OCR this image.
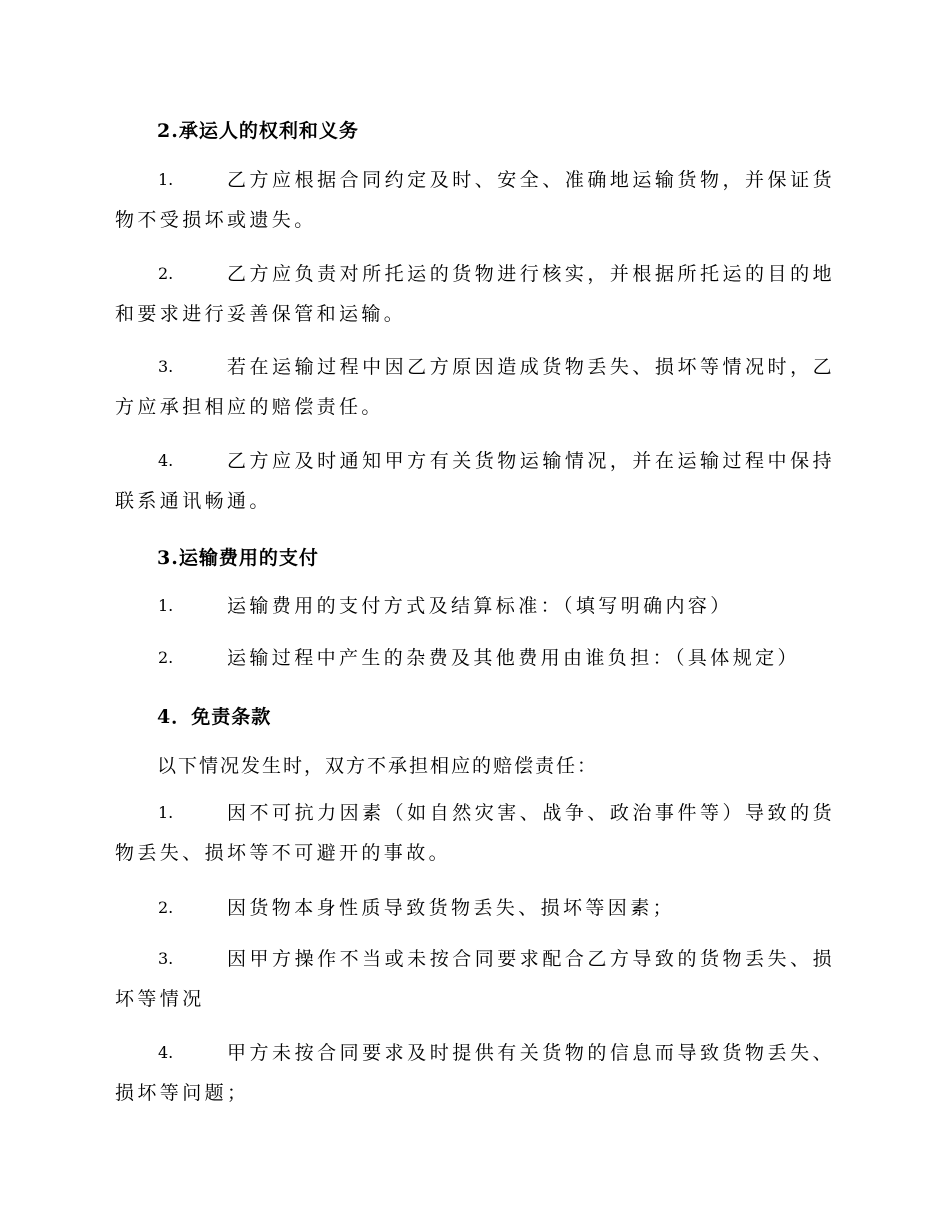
2.承运人的权利和义务
1.	乙方应根据合同约定及时、安全、准确地运输货物，并保证货物不受损坏或遗失。
2.	乙方应负责对所托运的货物进行核实，并根据所托运的目的地和要求进行妥善保管和运输。
3.	若在运输过程中因乙方原因造成货物丢失、损坏等情况时，乙方应承担相应的赔偿责任。
4.	乙方应及时通知甲方有关货物运输情况，并在运输过程中保持联系通讯畅通。
3.运输费用的支付
1.	运输费用的支付方式及结算标准：（填写明确内容）
2.	运输过程中产生的杂费及其他费用由谁负担：（具体规定）
4．免责条款
以下情况发生时，双方不承担相应的赔偿责任：
1.	因不可抗力因素（如自然灾害、战争、政治事件等）导致的货物丢失、损坏等不可避开的事故。
2.	因货物本身性质导致货物丢失、损坏等因素；
3.	因甲方操作不当或未按合同要求配合乙方导致的货物丢失、损坏等情况
4.	甲方未按合同要求及时提供有关货物的信息而导致货物丢失、损坏等问题；
